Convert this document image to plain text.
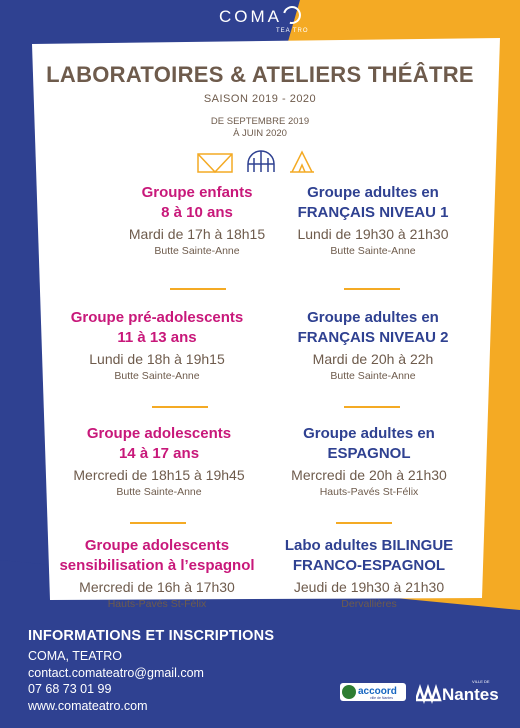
COMA
TEA TRO
LABORATOIRES & ATELIERS THÉÂTRE
SAISON 2019 - 2020
DE SEPTEMBRE 2019
À JUIN 2020
Groupe enfants
8 à 10 ans
Mardi de 17h à 18h15
Butte Sainte-Anne
Groupe pré-adolescents
11 à 13 ans
Lundi de 18h à 19h15
Butte Sainte-Anne
Groupe adolescents
14 à 17 ans
Mercredi de 18h15 à 19h45
Butte Sainte-Anne
Groupe adolescents
sensibilisation à l’espagnol
Mercredi de 16h à 17h30
Hauts-Pavés St-Félix
Groupe adultes en
FRANÇAIS NIVEAU 1
Lundi de 19h30 à 21h30
Butte Sainte-Anne
Groupe adultes en
FRANÇAIS NIVEAU 2
Mardi de 20h à 22h
Butte Sainte-Anne
Groupe adultes en
ESPAGNOL
Mercredi de 20h à 21h30
Hauts-Pavés St-Félix
Labo adultes BILINGUE
FRANCO-ESPAGNOL
Jeudi de 19h30 à 21h30
Dervallières
INFORMATIONS ET INSCRIPTIONS
COMA, TEATRO
contact.comateatro@gmail.com
07 68 73 01 99
www.comateatro.com
accoord
ville de Nantes	Nantes
VILLE DE
